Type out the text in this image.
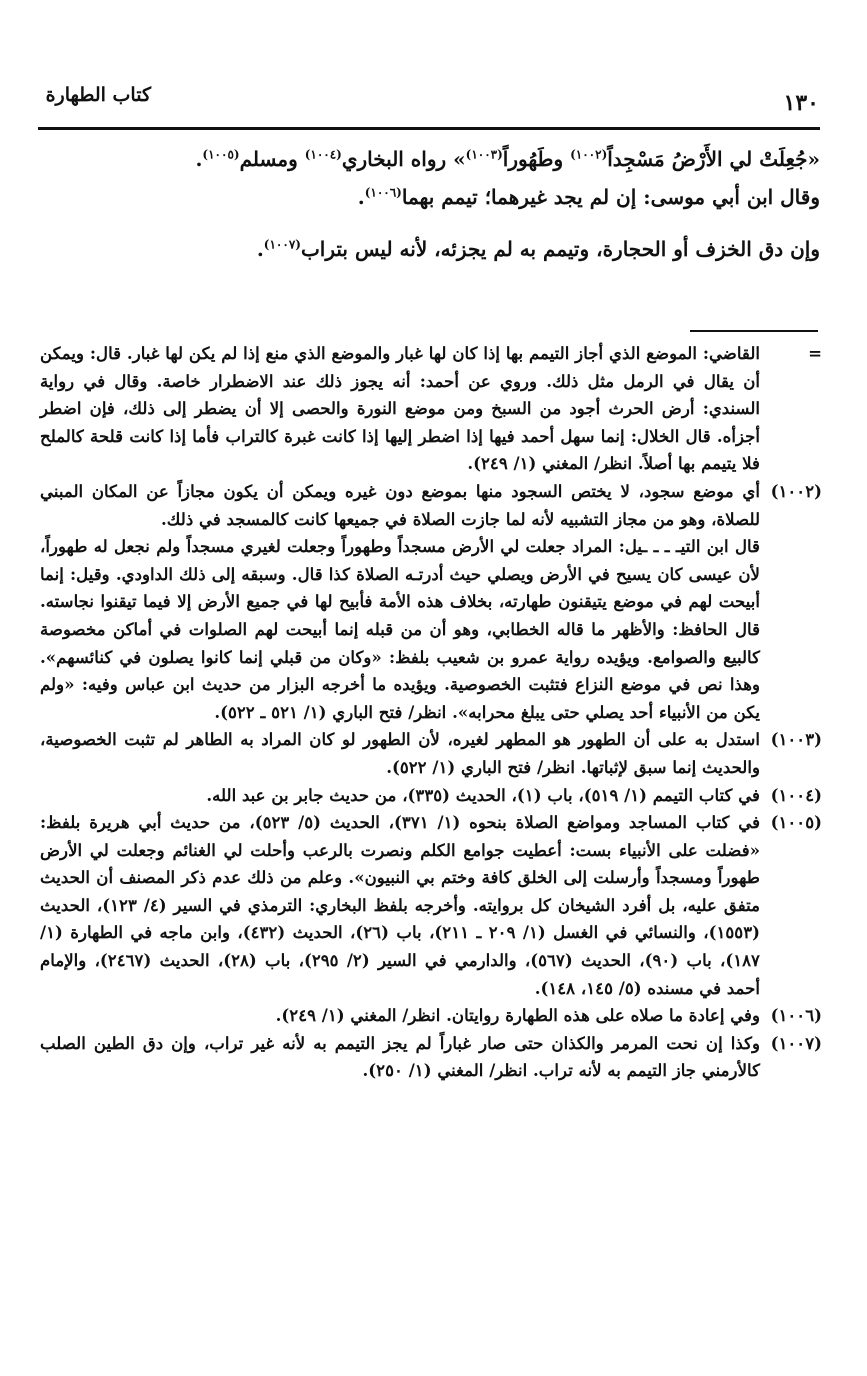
كتاب الطهارة	١٣٠

«جُعِلَتْ لي الأَرْضُ مَسْجِداً$^{(١٠٠٢)}$ وطَهُوراً$^{(١٠٠٣)}$» رواه البخاري$^{(١٠٠٤)}$ ومسلم$^{(١٠٠٥)}$.

وقال ابن أبي موسى: إن لم يجد غيرهما؛ تيمم بهما$^{(١٠٠٦)}$.

وإن دق الخزف أو الحجارة، وتيمم به لم يجزئه، لأنه ليس بتراب$^{(١٠٠٧)}$.

=

القاضي: الموضع الذي أجاز التيمم بها إذا كان لها غبار والموضع الذي منع إذا لم يكن لها غبار. قال: ويمكن أن يقال في الرمل مثل ذلك. وروي عن أحمد: أنه يجوز ذلك عند الاضطرار خاصة. وقال في رواية السندي: أرض الحرث أجود من السبخ ومن موضع النورة والحصى إلا أن يضطر إلى ذلك، فإن اضطر أجزأه. قال الخلال: إنما سهل أحمد فيها إذا اضطر إليها إذا كانت غبرة كالتراب فأما إذا كانت قلحة كالملح فلا يتيمم بها أصلاً. انظر/ المغني (١/ ٢٤٩).

(١٠٠٢)

أي موضع سجود، لا يختص السجود منها بموضع دون غيره ويمكن أن يكون مجازاً عن المكان المبني للصلاة، وهو من مجاز التشبيه لأنه لما جازت الصلاة في جميعها كانت كالمسجد في ذلك.

قال ابن التيـ ـ ـ ـيل: المراد جعلت لي الأرض مسجداً وطهوراً وجعلت لغيري مسجداً ولم نجعل له طهوراً، لأن عيسى كان يسيح في الأرض ويصلي حيث أدرتـه الصلاة كذا قال. وسبقه إلى ذلك الداودي. وقيل: إنما أبيحت لهم في موضع يتيقنون طهارته، بخلاف هذه الأمة فأبيح لها في جميع الأرض إلا فيما تيقنوا نجاسته. قال الحافظ: والأظهر ما قاله الخطابي، وهو أن من قبله إنما أبيحت لهم الصلوات في أماكن مخصوصة كالبيع والصوامع. ويؤيده رواية عمرو بن شعيب بلفظ: «وكان من قبلي إنما كانوا يصلون في كنائسهم». وهذا نص في موضع النزاع فتثبت الخصوصية. ويؤيده ما أخرجه البزار من حديث ابن عباس وفيه: «ولم يكن من الأنبياء أحد يصلي حتى يبلغ محرابه». انظر/ فتح الباري (١/ ٥٢١ ـ ٥٢٢).

(١٠٠٣)

استدل به على أن الطهور هو المطهر لغيره، لأن الطهور لو كان المراد به الطاهر لم تثبت الخصوصية، والحديث إنما سبق لإثباتها. انظر/ فتح الباري (١/ ٥٢٢).

(١٠٠٤)

في كتاب التيمم (١/ ٥١٩)، باب (١)، الحديث (٣٣٥)، من حديث جابر بن عبد الله.

(١٠٠٥)

في كتاب المساجد ومواضع الصلاة بنحوه (١/ ٣٧١)، الحديث (٥/ ٥٢٣)، من حديث أبي هريرة بلفظ: «فضلت على الأنبياء بست: أعطيت جوامع الكلم ونصرت بالرعب وأحلت لي الغنائم وجعلت لي الأرض طهوراً ومسجداً وأرسلت إلى الخلق كافة وختم بي النبيون». وعلم من ذلك عدم ذكر المصنف أن الحديث متفق عليه، بل أفرد الشيخان كل بروايته. وأخرجه بلفظ البخاري: الترمذي في السير (٤/ ١٢٣)، الحديث (١٥٥٣)، والنسائي في الغسل (١/ ٢٠٩ ـ ٢١١)، باب (٢٦)، الحديث (٤٣٢)، وابن ماجه في الطهارة (١/ ١٨٧)، باب (٩٠)، الحديث (٥٦٧)، والدارمي في السير (٢/ ٢٩٥)، باب (٢٨)، الحديث (٢٤٦٧)، والإمام أحمد في مسنده (٥/ ١٤٥، ١٤٨).

(١٠٠٦)

وفي إعادة ما صلاه على هذه الطهارة روايتان. انظر/ المغني (١/ ٢٤٩).

(١٠٠٧)

وكذا إن نحت المرمر والكذان حتى صار غباراً لم يجز التيمم به لأنه غير تراب، وإن دق الطين الصلب كالأرمني جاز التيمم به لأنه تراب. انظر/ المغني (١/ ٢٥٠).
